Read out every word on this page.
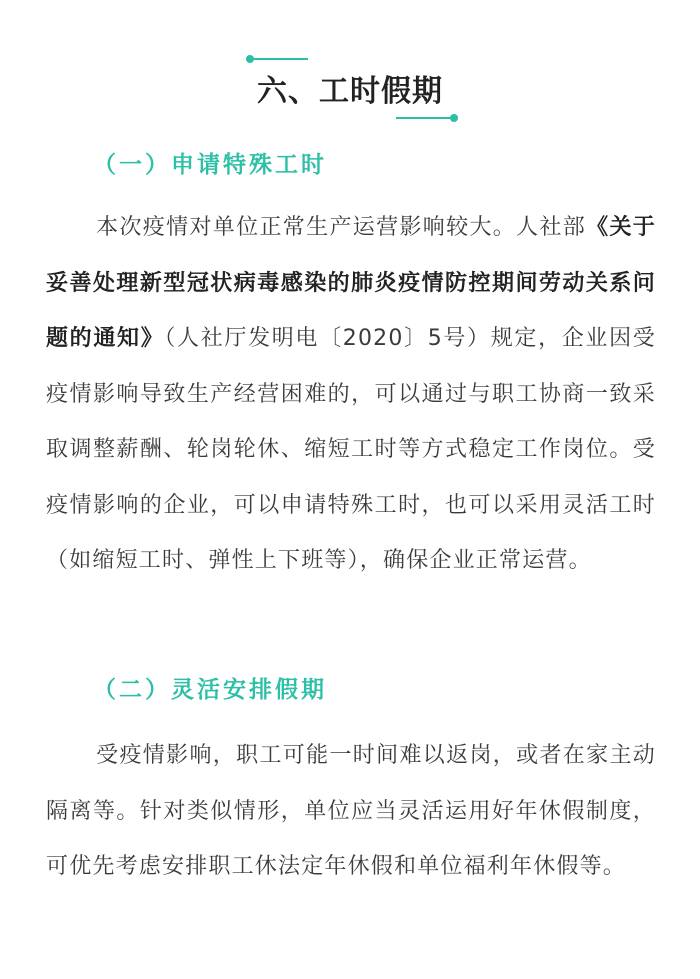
六、工时假期
（一）申请特殊工时
本次疫情对单位正常生产运营影响较大。人社部《关于妥善处理新型冠状病毒感染的肺炎疫情防控期间劳动关系问题的通知》（人社厅发明电〔2020〕5号）规定，企业因受疫情影响导致生产经营困难的，可以通过与职工协商一致采取调整薪酬、轮岗轮休、缩短工时等方式稳定工作岗位。受疫情影响的企业，可以申请特殊工时，也可以采用灵活工时（如缩短工时、弹性上下班等），确保企业正常运营。
（二）灵活安排假期
受疫情影响，职工可能一时间难以返岗，或者在家主动隔离等。针对类似情形，单位应当灵活运用好年休假制度，可优先考虑安排职工休法定年休假和单位福利年休假等。
